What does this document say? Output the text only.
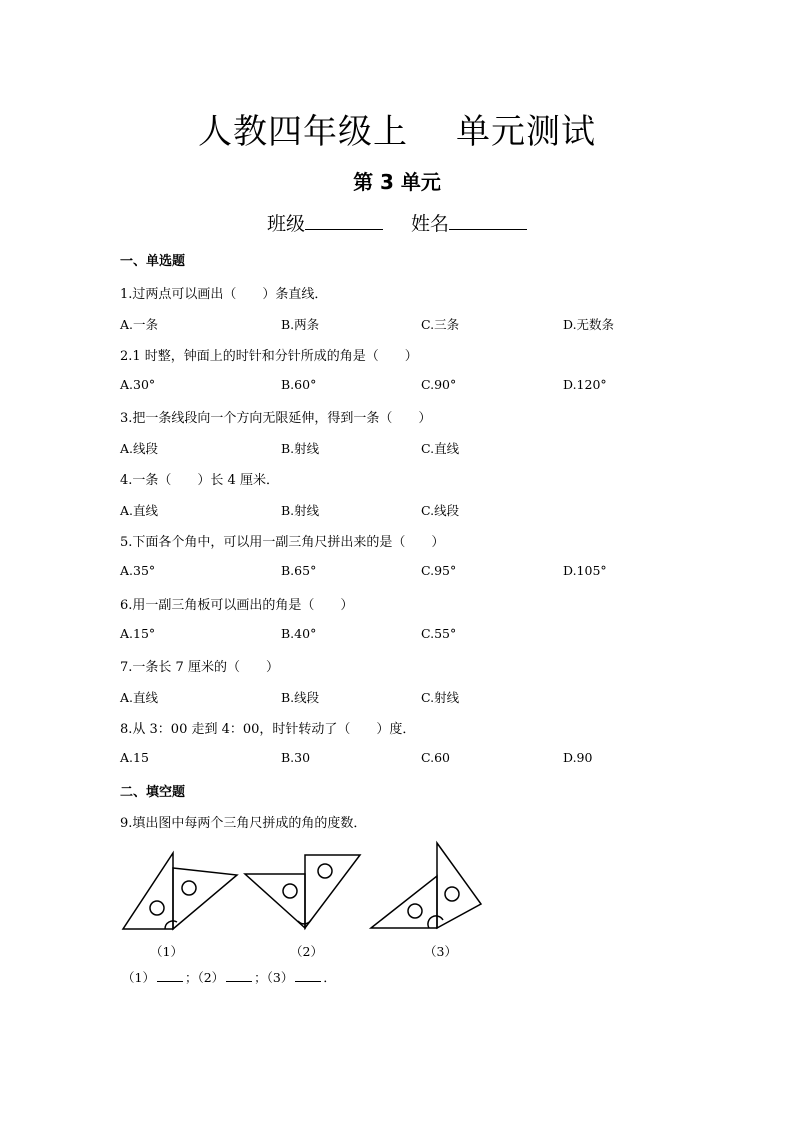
人教四年级上 单元测试
第 3 单元
班级	姓名
一、单选题
1.过两点可以画出（　　）条直线．
A.一条	B.两条	C.三条	D.无数条
2.1 时整，钟面上的时针和分针所成的角是（　　）
A.30°	B.60°	C.90°	D.120°
3.把一条线段向一个方向无限延伸，得到一条（　　）
A.线段	B.射线	C.直线
4.一条（　　）长 4 厘米．
A.直线	B.射线	C.线段
5.下面各个角中，可以用一副三角尺拼出来的是（　　）
A.35°	B.65°	C.95°	D.105°
6.用一副三角板可以画出的角是（　　）
A.15°	B.40°	C.55°
7.一条长 7 厘米的（　　）
A.直线	B.线段	C.射线
8.从 3：00 走到 4：00，时针转动了（　　）度．
A.15	B.30	C.60	D.90
二、填空题
9.填出图中每两个三角尺拼成的角的度数．
（1）	（2）	（3）
（1） ；（2） ；（3） ．
